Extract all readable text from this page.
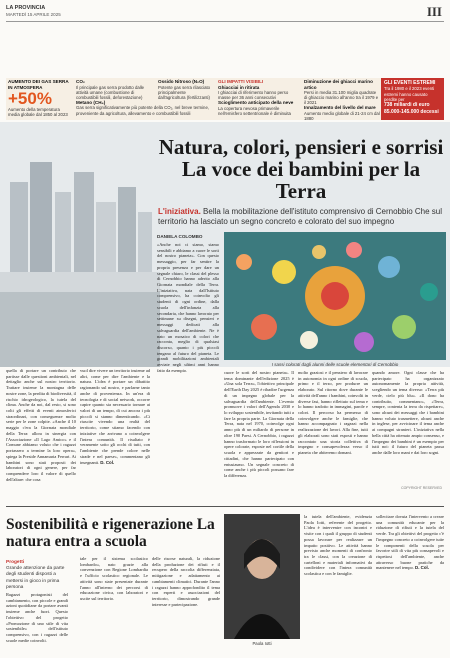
LA PROVINCIA
MARTEDÌ 15 APRILE 2025	III
AUMENTO DEI GAS SERRA IN ATMOSFERA
+50%
Aumento della temperatura media globale dal 1850 al 2023
CO₂
Il principale gas serra prodotto dalle attività umane (combustione di combustibili fossili, deforestazione)
Metano (CH₄)
Gas serra significativamente più potente della CO₂, nel breve termine, proveniente da agricoltura, allevamento e combustibili fossili
Ossido Nitroso (N₂O)
Potente gas serra rilasciato principalmente dall'agricoltura (fertilizzanti)
GLI IMPATTI VISIBILI
Ghiacciai in ritirata
I ghiacciai di riferimento hanno perso masse per 36 anni consecutivi
Scioglimento anticipato della neve
La copertura nevosa primaverile nell'emisfero settentrionale è diminuita
Diminuzione dei ghiacci marino artico
Persi in media 31.100 miglia quadrate di ghiaccio marino all'anno tra il 1979 e il 2021
Innalzamento del livello del mare
Aumento medio globale di 21-24 cm dal 1880
GLI EVENTI ESTREMI
Tra il 1980 e il 2023 eventi estremi hanno causato perdite per
738 miliardi di euro
85.000-145.000 decessi
Natura, colori, pensieri e sorrisi
La voce dei bambini per la Terra
L'iniziativa. Bella la mobilitazione dell'istituto comprensivo di Cernobbio Che sul territorio ha lasciato un segno concreto e colorato del suo impegno
DANIELA COLOMBO
quella di portare un contributo che partisse dalle questioni ambientali, nel dettaglio anche sul nostro territorio. Trattare insieme la montagna delle nostre zone, la perdita di biodiversità, il rischio idrogeologico, la tutela del clima. Anche da noi, dal resto, si sono colti gli effetti di eventi atmosferici straordinari, con conseguenze molto serie per le zone colpite. «Anche il 10 maggio c'era la Giornata mondiale della Terra: allora in sinergia con l'Associazione «Il Lago Amico» e il Comune abbiamo voluto che i ragazzi portassero a termine la loro opera», spiega la Preside Annamaria Ferrari. Ai bambini sono stati proposti dei laboratori di ogni genere, per far comprendere loro il valore di quello dell'altare: che cosa
vuol dire vivere un territorio insieme ad altri, come per dire l'ambiente e la natura. L'idea è portare un dibattito ragionando sul nostro, e parlarne tanto anche di provenienza. In un'era di tecnologia e di social network, occorre capire quanto sia necessario tornare ai valori di un tempo, di cui ancora i più piccoli si stanno dimenticando. «Ci riuscite vivendo una realtà del territorio, come stiamo facendo con iniziative che arrivano a coinvolgere l'intera comunità. Il risultato è veramente sotto gli occhi di tutti, con l'ambiente che prende colore nelle strade e nel paese», commentano gli insegnanti. D. Col.
«Anche noi ci siamo, siamo sensibili e abbiamo a cuore le sorti del nostro pianeta». Con questo messaggio, per far sentire la propria presenza e per dare un segnale chiaro, le classi del plesso di Cernobbio hanno aderito alla Giornata mondiale della Terra. L'iniziativa, nata dall'Istituto comprensivo, ha coinvolto gli studenti di ogni ordine, dalla scuola dell'infanzia alla secondaria, che hanno lavorato per settimane su disegni, pensieri e messaggi dedicati alla salvaguardia dell'ambiente. Ne è nato un mosaico di colori che racconta, meglio di qualsiasi discorso, quanto i più piccoli tengano al futuro del pianeta. Le grandi mobilitazioni ambientali avviate negli ultimi anni hanno fatto da esempio.
I sassi colorati dagli alunni delle scuole elementari di Cernobbio
cuore le sorti del nostro pianeta». Il tema dominante dell'edizione 2025 è «Una sola Terra», l'obiettivo principale dell'Earth Day 2025 è ribadire l'urgenza di un impegno globale per la salvaguardia dell'ambiente. L'evento promuove i valori dell'Agenda 2030 e lo sviluppo sostenibile, invitando tutti a fare la propria parte. La Giornata della Terra, nata nel 1970, coinvolge ogni anno più di un miliardo di persone in oltre 190 Paesi. A Cernobbio, i ragazzi hanno trasformato le loro riflessioni in opere colorate, esposte nel cortile della scuola e apprezzate da genitori e cittadini, che hanno partecipato con entusiasmo. Un segnale concreto di come anche i più piccoli possano fare la differenza.
molto graziosi e il pensiero di lavorare in autonomia in ogni ordine di scuola, primo e il terzo, per produrre un elaborato. Sul ritorno dove durante le attività dell'anno i bambini, coinvolti in diverse fasi, hanno riflettuto sul tema e lo hanno tradotto in immagini, parole e colori. Il percorso ha permesso di coinvolgere anche le famiglie, che hanno accompagnato i ragazzi nella realizzazione dei lavori. Alla fine, tutti gli elaborati sono stati esposti e hanno raccontato una storia collettiva di impegno e consapevolezza verso il pianeta che abiteremo domani.
quando amore. Ogni classe che ha partecipato ha organizzato autonomamente la propria attività, scegliendo un tema diverso: «Terra più verde, cielo più blu». «Il dono ha contribuito, commentano», «Terra, sempre, contenta la terra da rispettare», sono alcuni dei messaggi che i bambini hanno voluto trasmettere, alcuni anche in inglese, per avvicinare il tema anche ai compagni stranieri. L'iniziativa nella bella città ha ottenuto ampio consenso, e l'impegno dei bambini è un esempio per tutti noi: il futuro del pianeta passa anche dalle loro mani e dai loro sogni.
COPYRIGHT RESERVED
Sostenibilità e rigenerazione La natura entra a scuola
Progetti
Grande attenzione da parte degli studenti disposti a mettersi in gioco in prima persona
Ragazzi protagonisti del cambiamento, con piccole e grandi azioni quotidiane da portare avanti insieme anche fuori. Questo l'obiettivo del progetto «Promozione di uno stile di vita sostenibile» dell'istituto comprensivo, con i ragazzi delle scuole medie coinvolti.
tale per il sistema scolastico lombardo», nato grazie alla convenzione con Regione Lombardia e l'ufficio scolastico regionale. Le attività sono state presentate durante l'anno all'interno dei percorsi di educazione civica, con laboratori e uscite sul territorio.
delle risorse naturali, la riduzione della produzione dei rifiuti e il recupero della raccolta differenziata, mitigazione e adattamento ai cambiamenti climatici. Durante l'anno i ragazzi hanno approfondito il tema con esperti e associazioni del territorio, dimostrando grande interesse e partecipazione.
Paola Iotti
la tutela dell'ambiente, evidenzia Paola Iotti, referente del progetto. L'idea è intervenire con incontri e visite con i quali il gruppo di studenti possa lavorare per realizzare un impatto positivo. Le attività hanno previsto anche momenti di confronto tra le classi, con la creazione di cartelloni e materiali informativi da condividere con l'intera comunità scolastica e con le famiglie.
sollecitare dovuta l'intervento a creare una comunità educante per la riduzione di rifiuti e la tutela del verde. Tra gli obiettivi del progetto c'è l'impegno concreto a coinvolgere tutte le componenti della scuola per favorire stili di vita più consapevoli e rispettosi dell'ambiente, anche attraverso buone pratiche da mantenere nel tempo. D. Col.
